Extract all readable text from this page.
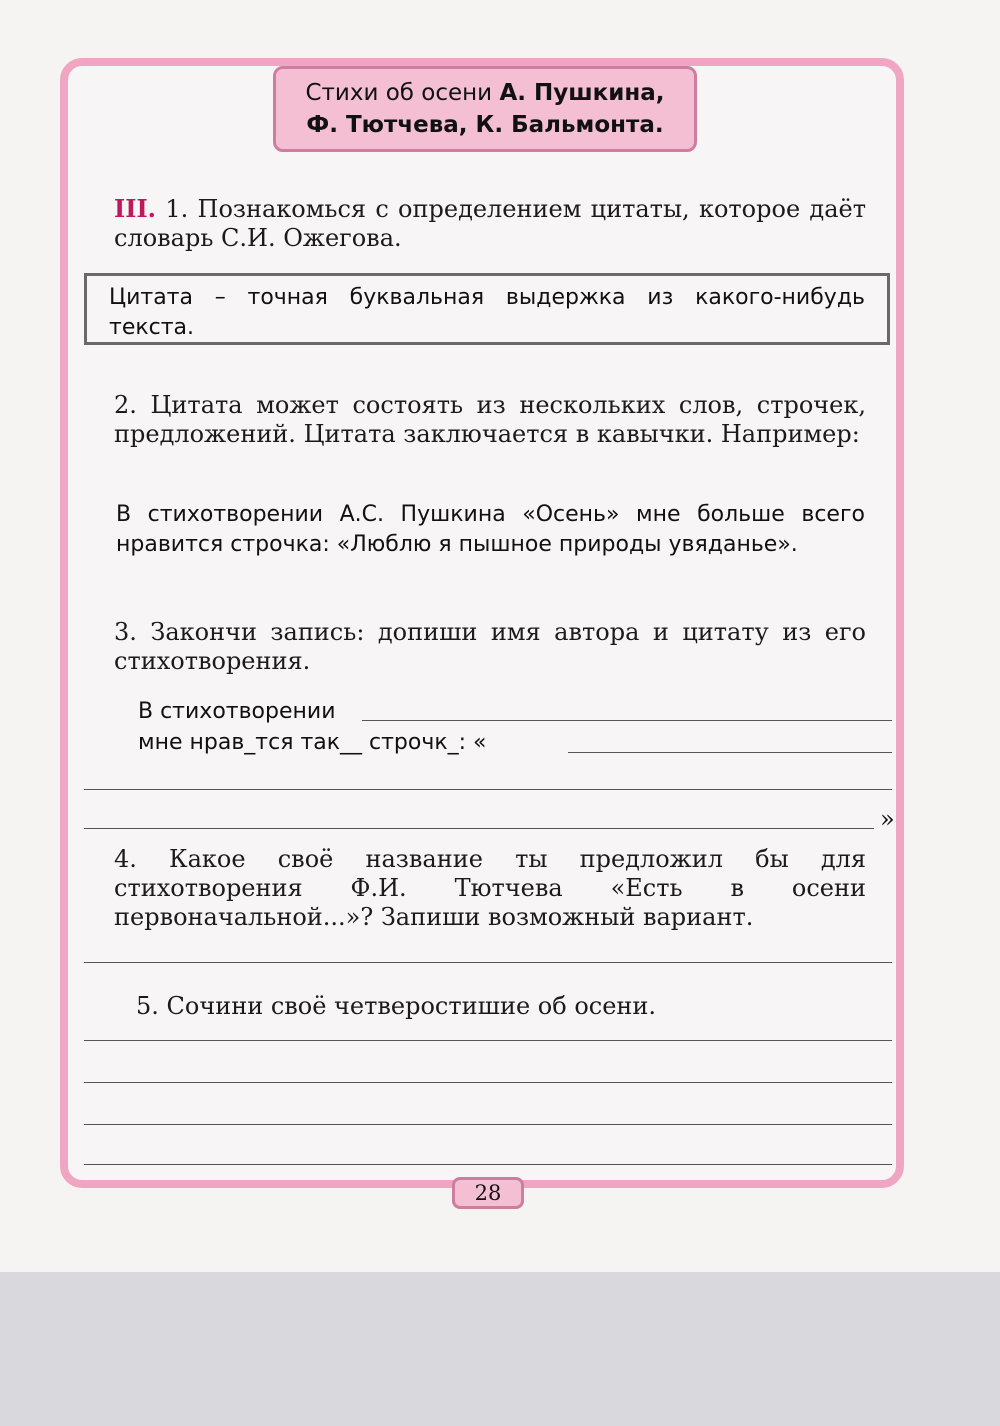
Стихи об осени А. Пушкина,
Ф. Тютчева, К. Бальмонта.
III. 1. Познакомься с определением цитаты, которое даёт словарь С.И. Ожегова.
Цитата – точная буквальная выдержка из какого-нибудь текста.
2. Цитата может состоять из нескольких слов, строчек, предложений. Цитата заключается в кавычки. Например:
В стихотворении А.С. Пушкина «Осень» мне больше всего нравится строчка: «Люблю я пышное природы увяданье».
3. Закончи запись: допиши имя автора и цитату из его стихотворения.
В стихотворении
мне нрав_тся так__ строчк_: «
»
4. Какое своё название ты предложил бы для стихотворения Ф.И. Тютчева «Есть в осени первоначальной...»? Запиши возможный вариант.
5. Сочини своё четверостишие об осени.
28
